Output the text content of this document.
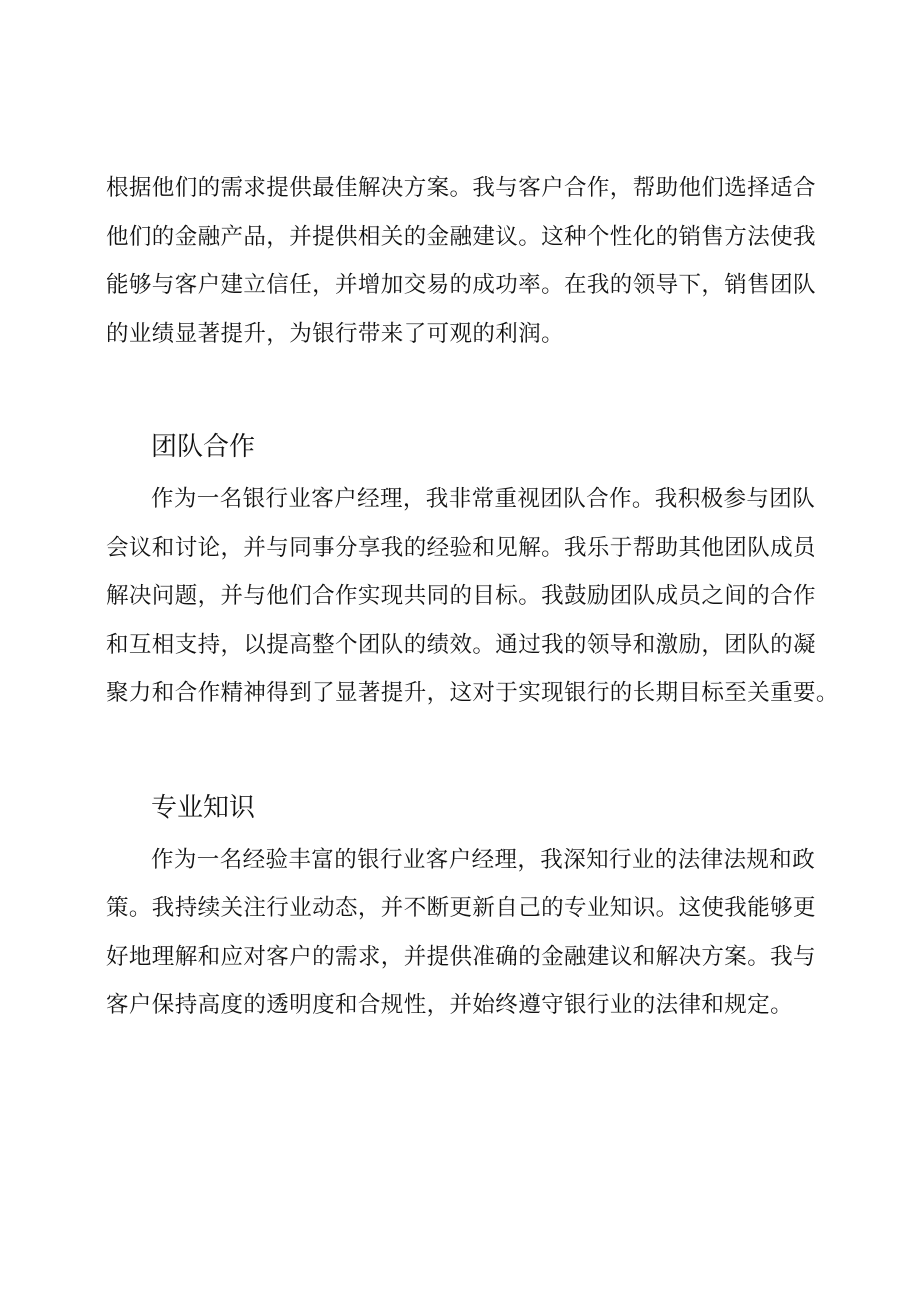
根据他们的需求提供最佳解决方案。我与客户合作，帮助他们选择适合
他们的金融产品，并提供相关的金融建议。这种个性化的销售方法使我
能够与客户建立信任，并增加交易的成功率。在我的领导下，销售团队
的业绩显著提升，为银行带来了可观的利润。

团队合作

作为一名银行业客户经理，我非常重视团队合作。我积极参与团队
会议和讨论，并与同事分享我的经验和见解。我乐于帮助其他团队成员
解决问题，并与他们合作实现共同的目标。我鼓励团队成员之间的合作
和互相支持，以提高整个团队的绩效。通过我的领导和激励，团队的凝
聚力和合作精神得到了显著提升，这对于实现银行的长期目标至关重要。

专业知识

作为一名经验丰富的银行业客户经理，我深知行业的法律法规和政
策。我持续关注行业动态，并不断更新自己的专业知识。这使我能够更
好地理解和应对客户的需求，并提供准确的金融建议和解决方案。我与
客户保持高度的透明度和合规性，并始终遵守银行业的法律和规定。
